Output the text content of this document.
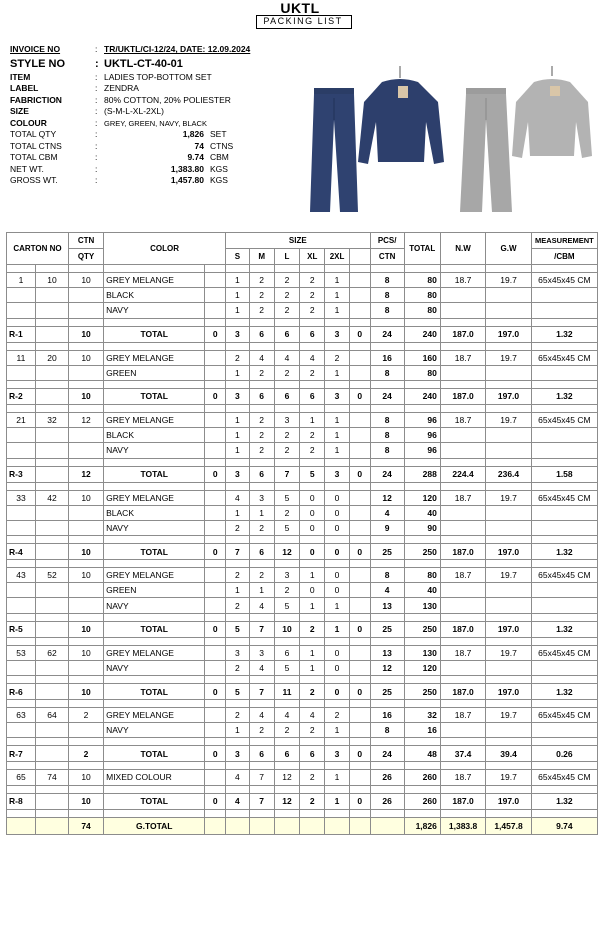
UKTL
PACKING LIST
INVOICE NO	: TR/UKTL/CI-12/24, DATE: 12.09.2024
STYLE NO	: UKTL-CT-40-01
ITEM	: LADIES TOP-BOTTOM SET
LABEL	: ZENDRA
FABRICTION	: 80% COTTON, 20% POLIESTER
SIZE	: (S-M-L-XL-2XL)
COLOUR	: GREY, GREEN, NAVY, BLACK
TOTAL QTY	:	1,826 SET
TOTAL CTNS	:	74 CTNS
TOTAL CBM	:	9.74 CBM
NET WT.	:	1,383.80 KGS
GROSS WT.	:	1,457.80 KGS
CARTON NO		CTN	COLOR		SIZE						PCS/	TOTAL	N.W	G.W	MEASUREMENT
		QTY			S	M	L	XL	2XL		CTN				/CBM

1	10	10	GREY MELANGE		1	2	2	2	1		8	80	18.7	19.7	65x45x45 CM
			BLACK		1	2	2	2	1		8	80			
			NAVY		1	2	2	2	1		8	80			

R-1		10	TOTAL	0	3	6	6	6	3	0	24	240	187.0	197.0	1.32

11	20	10	GREY MELANGE		2	4	4	4	2		16	160	18.7	19.7	65x45x45 CM
			GREEN		1	2	2	2	1		8	80			

R-2		10	TOTAL	0	3	6	6	6	3	0	24	240	187.0	197.0	1.32

21	32	12	GREY MELANGE		1	2	3	1	1		8	96	18.7	19.7	65x45x45 CM
			BLACK		1	2	2	2	1		8	96			
			NAVY		1	2	2	2	1		8	96			

R-3		12	TOTAL	0	3	6	7	5	3	0	24	288	224.4	236.4	1.58

33	42	10	GREY MELANGE		4	3	5	0	0		12	120	18.7	19.7	65x45x45 CM
			BLACK		1	1	2	0	0		4	40			
			NAVY		2	2	5	0	0		9	90			

R-4		10	TOTAL	0	7	6	12	0	0	0	25	250	187.0	197.0	1.32

43	52	10	GREY MELANGE		2	2	3	1	0		8	80	18.7	19.7	65x45x45 CM
			GREEN		1	1	2	0	0		4	40			
			NAVY		2	4	5	1	1		13	130			

R-5		10	TOTAL	0	5	7	10	2	1	0	25	250	187.0	197.0	1.32

53	62	10	GREY MELANGE		3	3	6	1	0		13	130	18.7	19.7	65x45x45 CM
			NAVY		2	4	5	1	0		12	120			

R-6		10	TOTAL	0	5	7	11	2	0	0	25	250	187.0	197.0	1.32

63	64	2	GREY MELANGE		2	4	4	4	2		16	32	18.7	19.7	65x45x45 CM
			NAVY		1	2	2	2	1		8	16			

R-7		2	TOTAL	0	3	6	6	6	3	0	24	48	37.4	39.4	0.26

65	74	10	MIXED COLOUR		4	7	12	2	1		26	260	18.7	19.7	65x45x45 CM

R-8		10	TOTAL	0	4	7	12	2	1	0	26	260	187.0	197.0	1.32

		74	G.TOTAL									1,826	1,383.8	1,457.8	9.74
